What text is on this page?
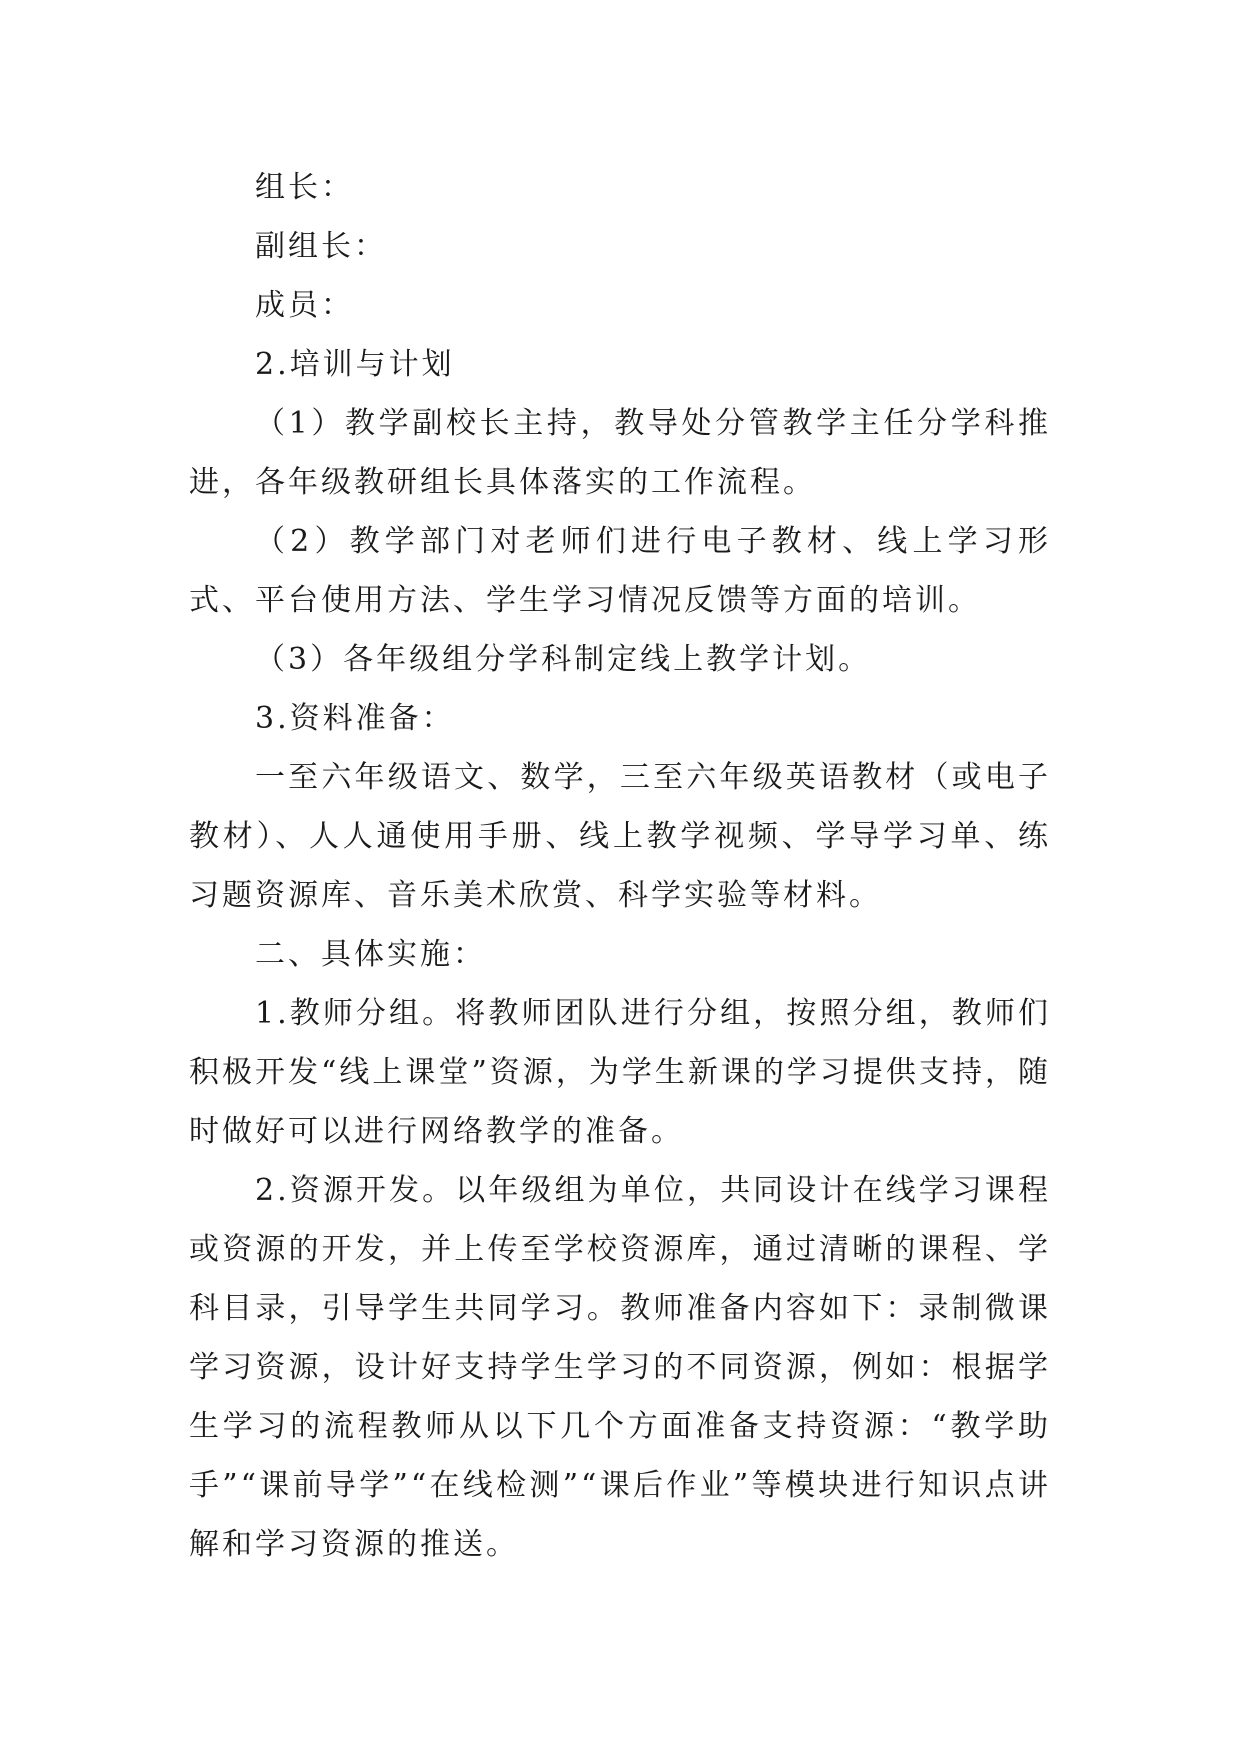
组长：

副组长：

成员：

2.培训与计划

（1）教学副校长主持，教导处分管教学主任分学科推进，各年级教研组长具体落实的工作流程。

（2）教学部门对老师们进行电子教材、线上学习形式、平台使用方法、学生学习情况反馈等方面的培训。

（3）各年级组分学科制定线上教学计划。

3.资料准备：

一至六年级语文、数学，三至六年级英语教材（或电子教材）、人人通使用手册、线上教学视频、学导学习单、练习题资源库、音乐美术欣赏、科学实验等材料。

二、具体实施：

1.教师分组。将教师团队进行分组，按照分组，教师们积极开发“线上课堂”资源，为学生新课的学习提供支持，随时做好可以进行网络教学的准备。

2.资源开发。以年级组为单位，共同设计在线学习课程或资源的开发，并上传至学校资源库，通过清晰的课程、学科目录，引导学生共同学习。教师准备内容如下：录制微课学习资源，设计好支持学生学习的不同资源，例如：根据学生学习的流程教师从以下几个方面准备支持资源：“教学助手”“课前导学”“在线检测”“课后作业”等模块进行知识点讲解和学习资源的推送。
